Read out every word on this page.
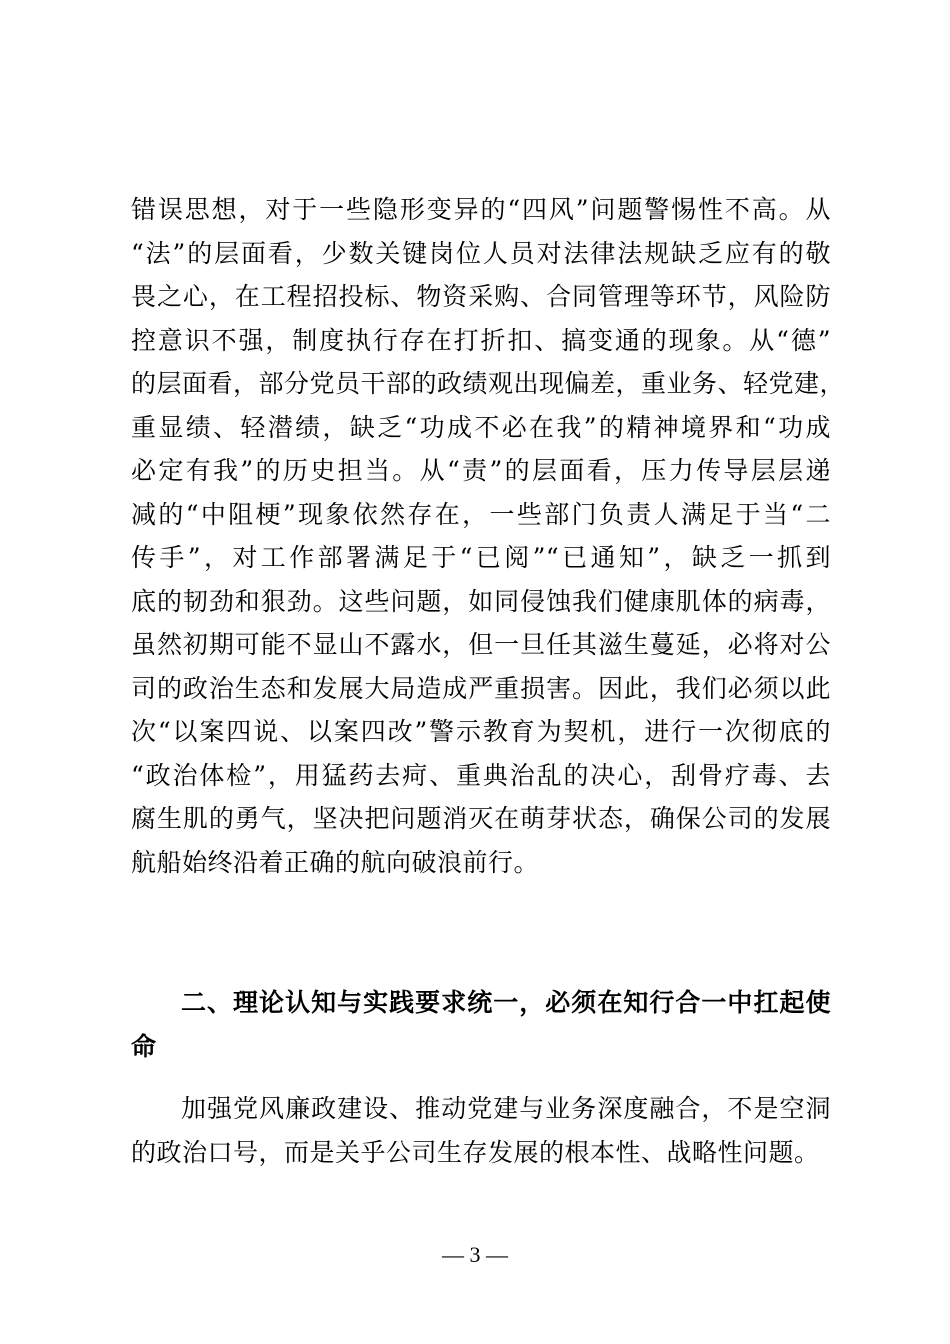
错误思想，对于一些隐形变异的“四风”问题警惕性不高。从
“法”的层面看，少数关键岗位人员对法律法规缺乏应有的敬
畏之心，在工程招投标、物资采购、合同管理等环节，风险防
控意识不强，制度执行存在打折扣、搞变通的现象。从“德”
的层面看，部分党员干部的政绩观出现偏差，重业务、轻党建，
重显绩、轻潜绩，缺乏“功成不必在我”的精神境界和“功成
必定有我”的历史担当。从“责”的层面看，压力传导层层递
减的“中阻梗”现象依然存在，一些部门负责人满足于当“二
传手”，对工作部署满足于“已阅”“已通知”，缺乏一抓到
底的韧劲和狠劲。这些问题，如同侵蚀我们健康肌体的病毒，
虽然初期可能不显山不露水，但一旦任其滋生蔓延，必将对公
司的政治生态和发展大局造成严重损害。因此，我们必须以此
次“以案四说、以案四改”警示教育为契机，进行一次彻底的
“政治体检”，用猛药去疴、重典治乱的决心，刮骨疗毒、去
腐生肌的勇气，坚决把问题消灭在萌芽状态，确保公司的发展
航船始终沿着正确的航向破浪前行。
二、理论认知与实践要求统一，必须在知行合一中扛起使
命
加强党风廉政建设、推动党建与业务深度融合，不是空洞
的政治口号，而是关乎公司生存发展的根本性、战略性问题。
— 3 —
